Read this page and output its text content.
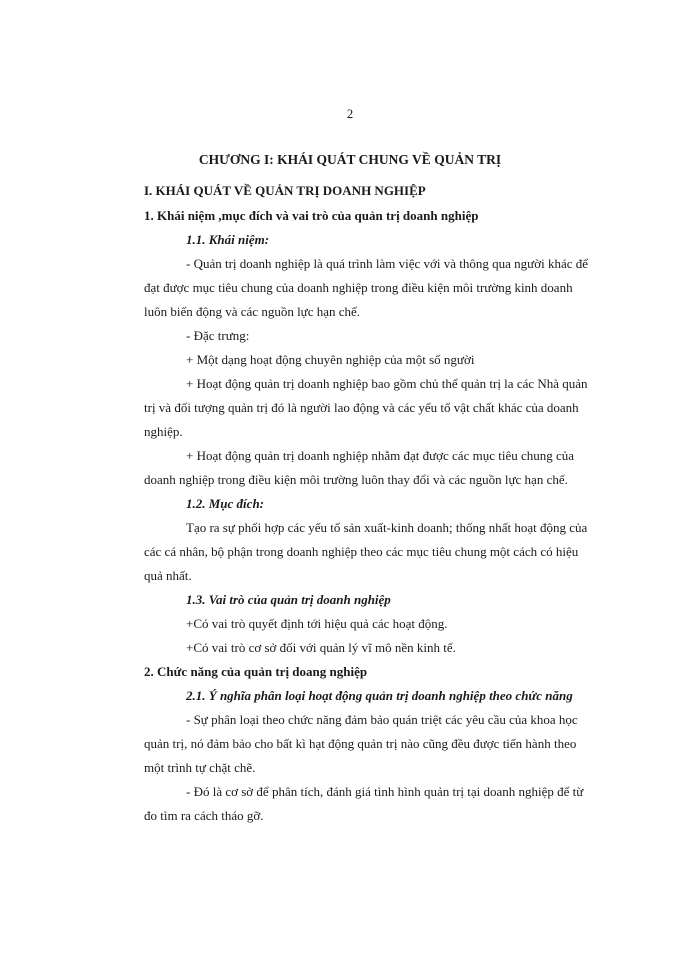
2
CHƯƠNG I: KHÁI QUÁT CHUNG VỀ QUẢN TRỊ
I. KHÁI QUÁT VỀ QUẢN TRỊ DOANH NGHIỆP
1. Khái niệm ,mục đích và vai trò của quản trị doanh nghiệp
1.1. Khái niệm:
- Quản trị doanh nghiệp là quá trình làm việc với và thông qua người khác để
đạt được mục tiêu chung của doanh nghiệp trong điều kiện môi trường kinh doanh
luôn biến động và các nguồn lực hạn chế.
- Đặc trưng:
+ Một dạng hoạt động chuyên nghiệp của một số người
+ Hoạt động quản trị doanh nghiệp bao gồm chủ thể quản trị la các Nhà quản
trị và đối tượng quản trị đó là người lao động và các yếu tố vật chất khác của doanh
nghiệp.
+ Hoạt động quản trị doanh nghiệp nhằm đạt được các mục tiêu chung của
doanh nghiệp trong điều kiện môi trường luôn thay đổi và các nguồn lực hạn chế.
1.2. Mục đích:
Tạo ra sự phối hợp các yếu tố sản xuất-kinh doanh; thống nhất hoạt động của
các cá nhân, bộ phận trong doanh nghiệp theo các mục tiêu chung một cách có hiệu
quả nhất.
1.3. Vai trò của quản trị doanh nghiệp
+Có vai trò quyết định tới hiệu quả các hoạt động.
+Có vai trò cơ sở đối với quản lý vĩ mô nền kinh tế.
2. Chức năng của quản trị doang nghiệp
2.1. Ý nghĩa phân loại hoạt động quản trị doanh nghiệp theo chức năng
- Sự phân loại theo chức năng đảm bảo quán triệt các yêu cầu của khoa học
quản trị, nó đảm bảo cho bất kì hạt động quản trị nào cũng đều được tiến hành theo
một trình tự chặt chẽ.
- Đó là cơ sở để phân tích, đánh giá tình hình quản trị tại doanh nghiệp để từ
đo tìm ra cách tháo gỡ.
